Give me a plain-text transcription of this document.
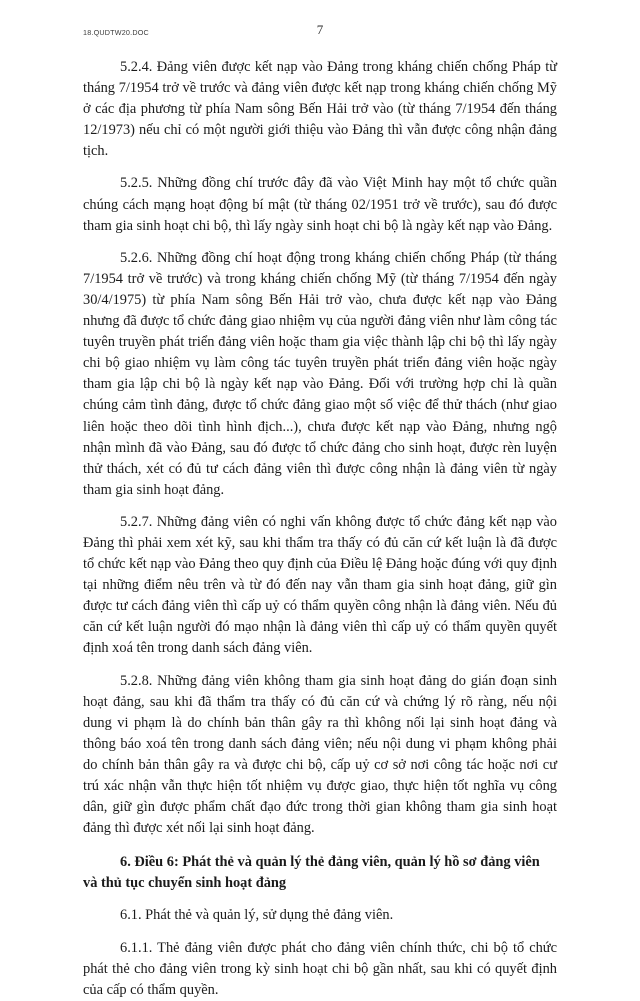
18.QUDTW20.DOC	7

5.2.4. Đảng viên được kết nạp vào Đảng trong kháng chiến chống Pháp từ tháng 7/1954 trở về trước và đảng viên được kết nạp trong kháng chiến chống Mỹ ở các địa phương từ phía Nam sông Bến Hải trở vào (từ tháng 7/1954 đến tháng 12/1973) nếu chỉ có một người giới thiệu vào Đảng thì vẫn được công nhận đảng tịch.

5.2.5. Những đồng chí trước đây đã vào Việt Minh hay một tổ chức quần chúng cách mạng hoạt động bí mật (từ tháng 02/1951 trở về trước), sau đó được tham gia sinh hoạt chi bộ, thì lấy ngày sinh hoạt chi bộ là ngày kết nạp vào Đảng.

5.2.6. Những đồng chí hoạt động trong kháng chiến chống Pháp (từ tháng 7/1954 trở về trước) và trong kháng chiến chống Mỹ (từ tháng 7/1954 đến ngày 30/4/1975) từ phía Nam sông Bến Hải trở vào, chưa được kết nạp vào Đảng nhưng đã được tổ chức đảng giao nhiệm vụ của người đảng viên như làm công tác tuyên truyền phát triển đảng viên hoặc tham gia việc thành lập chi bộ thì lấy ngày chi bộ giao nhiệm vụ làm công tác tuyên truyền phát triển đảng viên hoặc ngày tham gia lập chi bộ là ngày kết nạp vào Đảng. Đối với trường hợp chỉ là quần chúng cảm tình đảng, được tổ chức đảng giao một số việc để thử thách (như giao liên hoặc theo dõi tình hình địch...), chưa được kết nạp vào Đảng, nhưng ngộ nhận mình đã vào Đảng, sau đó được tổ chức đảng cho sinh hoạt, được rèn luyện thử thách, xét có đủ tư cách đảng viên thì được công nhận là đảng viên từ ngày tham gia sinh hoạt đảng.

5.2.7. Những đảng viên có nghi vấn không được tổ chức đảng kết nạp vào Đảng thì phải xem xét kỹ, sau khi thẩm tra thấy có đủ căn cứ kết luận là đã được tổ chức kết nạp vào Đảng theo quy định của Điều lệ Đảng hoặc đúng với quy định tại những điểm nêu trên và từ đó đến nay vẫn tham gia sinh hoạt đảng, giữ gìn được tư cách đảng viên thì cấp uỷ có thẩm quyền công nhận là đảng viên. Nếu đủ căn cứ kết luận người đó mạo nhận là đảng viên thì cấp uỷ có thẩm quyền quyết định xoá tên trong danh sách đảng viên.

5.2.8. Những đảng viên không tham gia sinh hoạt đảng do gián đoạn sinh hoạt đảng, sau khi đã thẩm tra thấy có đủ căn cứ và chứng lý rõ ràng, nếu nội dung vi phạm là do chính bản thân gây ra thì không nối lại sinh hoạt đảng và thông báo xoá tên trong danh sách đảng viên; nếu nội dung vi phạm không phải do chính bản thân gây ra và được chi bộ, cấp uỷ cơ sở nơi công tác hoặc nơi cư trú xác nhận vẫn thực hiện tốt nhiệm vụ được giao, thực hiện tốt nghĩa vụ công dân, giữ gìn được phẩm chất đạo đức trong thời gian không tham gia sinh hoạt đảng thì được xét nối lại sinh hoạt đảng.

6. Điều 6: Phát thẻ và quản lý thẻ đảng viên, quản lý hồ sơ đảng viên

và thủ tục chuyển sinh hoạt đảng

6.1. Phát thẻ và quản lý, sử dụng thẻ đảng viên.

6.1.1. Thẻ đảng viên được phát cho đảng viên chính thức, chi bộ tổ chức phát thẻ cho đảng viên trong kỳ sinh hoạt chi bộ gần nhất, sau khi có quyết định của cấp có thẩm quyền.
